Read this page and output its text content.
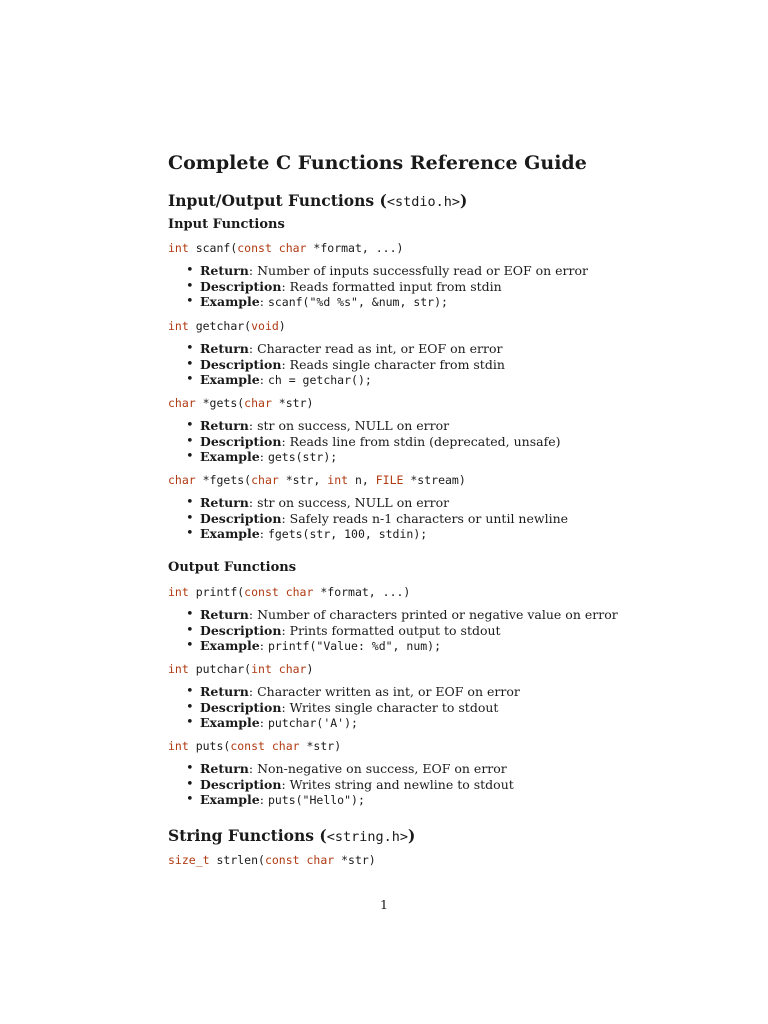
Complete C Functions Reference Guide
Input/Output Functions (<stdio.h>)
Input Functions
int scanf(const char *format, ...)
• Return: Number of inputs successfully read or EOF on error
• Description: Reads formatted input from stdin
• Example: scanf("%d %s", &num, str);
int getchar(void)
• Return: Character read as int, or EOF on error
• Description: Reads single character from stdin
• Example: ch = getchar();
char *gets(char *str)
• Return: str on success, NULL on error
• Description: Reads line from stdin (deprecated, unsafe)
• Example: gets(str);
char *fgets(char *str, int n, FILE *stream)
• Return: str on success, NULL on error
• Description: Safely reads n-1 characters or until newline
• Example: fgets(str, 100, stdin);
Output Functions
int printf(const char *format, ...)
• Return: Number of characters printed or negative value on error
• Description: Prints formatted output to stdout
• Example: printf("Value: %d", num);
int putchar(int char)
• Return: Character written as int, or EOF on error
• Description: Writes single character to stdout
• Example: putchar('A');
int puts(const char *str)
• Return: Non-negative on success, EOF on error
• Description: Writes string and newline to stdout
• Example: puts("Hello");
String Functions (<string.h>)
size_t strlen(const char *str)
1
